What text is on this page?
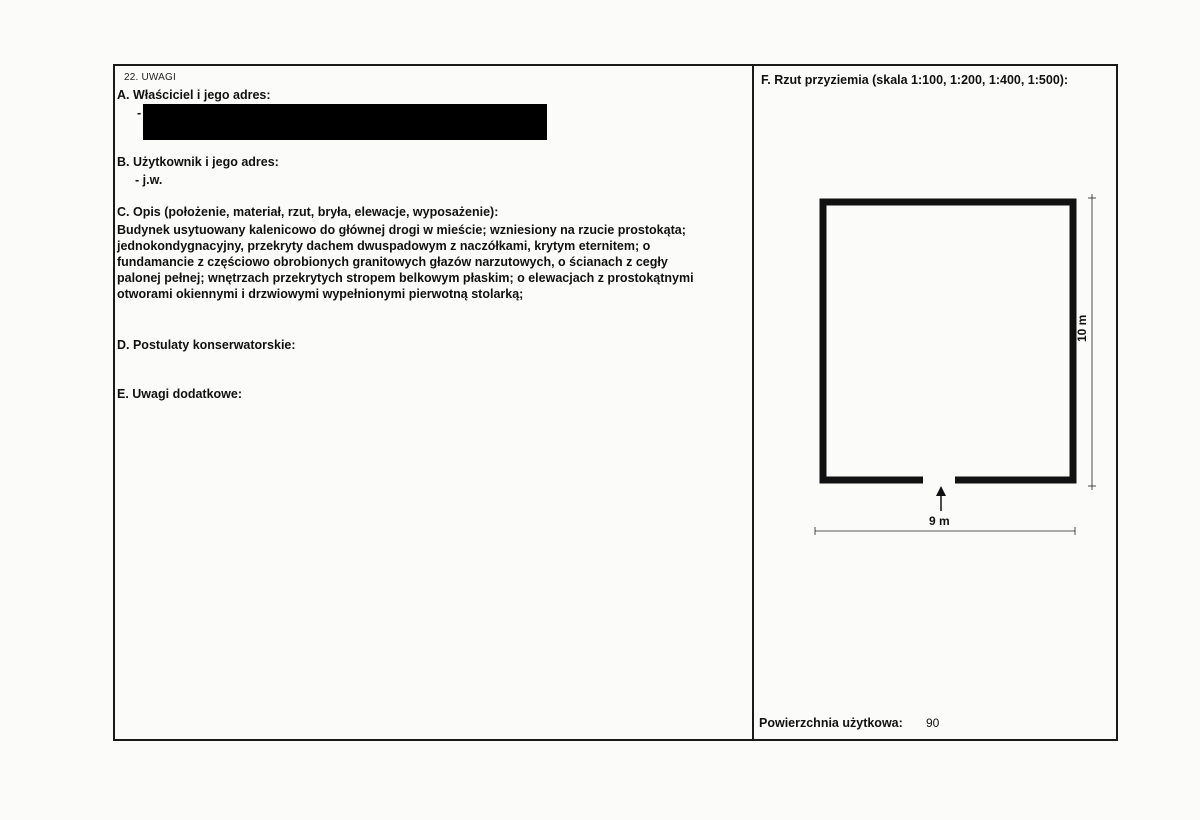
22. UWAGI
A. Właściciel i jego adres:
-
B. Użytkownik i jego adres:
- j.w.
C. Opis (położenie, materiał, rzut, bryła, elewacje, wyposażenie):
Budynek usytuowany kalenicowo do głównej drogi w mieście; wzniesiony na rzucie prostokąta;
jednokondygnacyjny, przekryty dachem dwuspadowym z naczółkami, krytym eternitem; o
fundamancie z częściowo obrobionych granitowych głazów narzutowych, o ścianach z cegły
palonej pełnej; wnętrzach przekrytych stropem belkowym płaskim; o elewacjach z prostokątnymi
otworami okiennymi i drzwiowymi wypełnionymi pierwotną stolarką;
D. Postulaty konserwatorskie:
E. Uwagi dodatkowe:
F. Rzut przyziemia (skala 1:100, 1:200, 1:400, 1:500):
9 m
10 m
Powierzchnia użytkowa: 90
